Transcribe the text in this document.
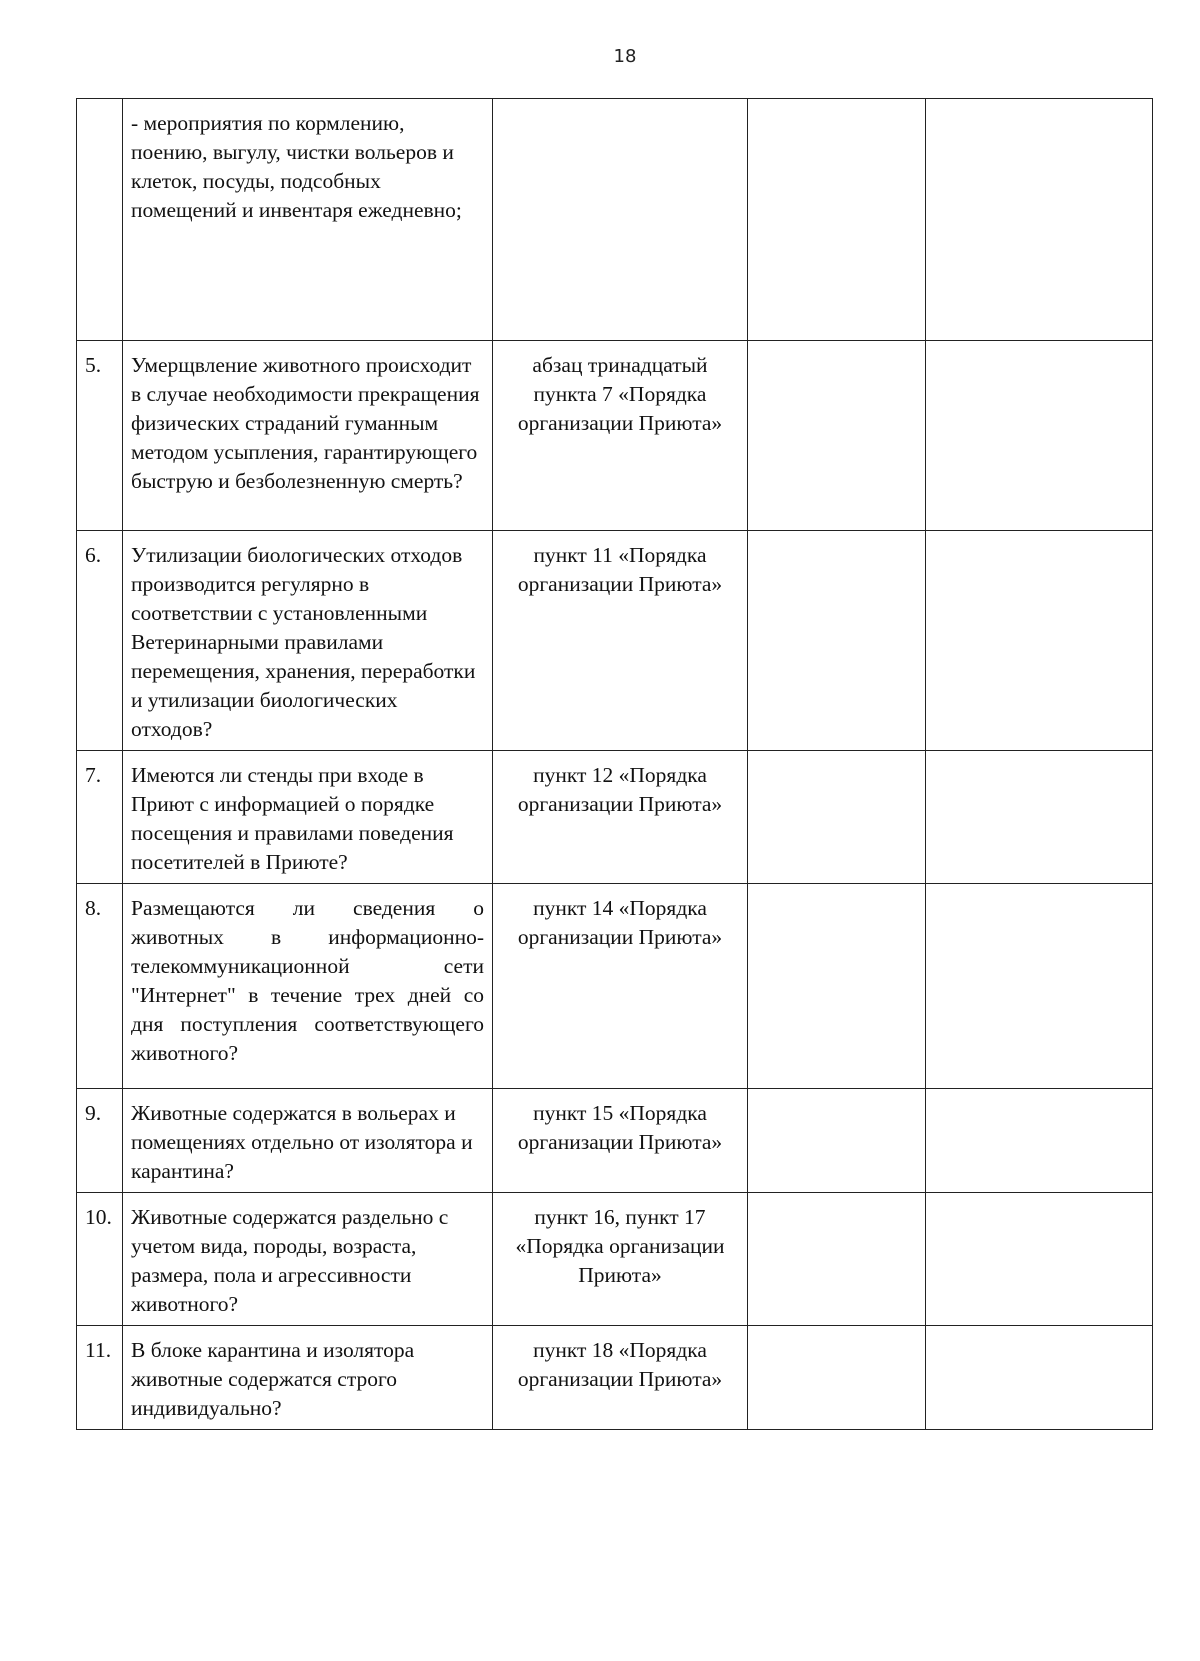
18
	- мероприятия по кормлению, поению, выгулу, чистки вольеров и клеток, посуды, подсобных помещений и инвентаря ежедневно;			
5.	Умерщвление животного происходит в случае необходимости прекращения физических страданий гуманным методом усыпления, гарантирующего быструю и безболезненную смерть?	абзац тринадцатый пункта 7 «Порядка организации Приюта»		
6.	Утилизации биологических отходов производится регулярно в соответствии с установленными Ветеринарными правилами перемещения, хранения, переработки и утилизации биологических отходов?	пункт 11 «Порядка организации Приюта»		
7.	Имеются ли стенды при входе в Приют с информацией о порядке посещения и правилами поведения посетителей в Приюте?	пункт 12 «Порядка организации Приюта»		
8.	Размещаются ли сведения о животных в информационно-телекоммуникационной сети "Интернет" в течение трех дней со дня поступления соответствующего животного?	пункт 14 «Порядка организации Приюта»		
9.	Животные содержатся в вольерах и помещениях отдельно от изолятора и карантина?	пункт 15 «Порядка организации Приюта»		
10.	Животные содержатся раздельно с учетом вида, породы, возраста, размера, пола и агрессивности животного?	пункт 16, пункт 17 «Порядка организации Приюта»		
11.	В блоке карантина и изолятора животные содержатся строго индивидуально?	пункт 18 «Порядка организации Приюта»		
